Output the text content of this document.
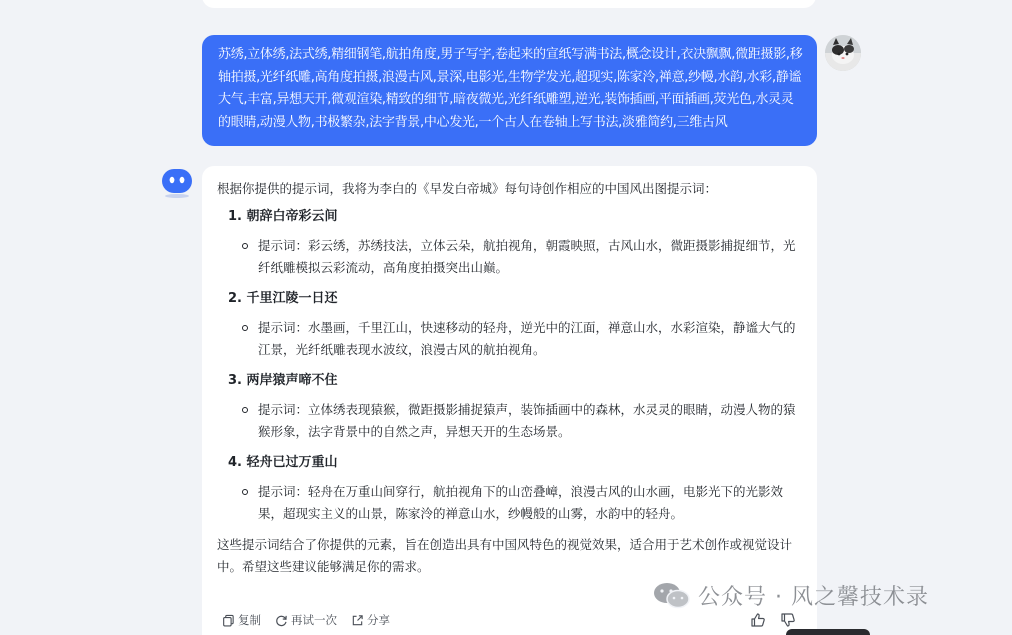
苏绣,立体绣,法式绣,精细钢笔,航拍角度,男子写字,卷起来的宣纸写满书法,概念设计,衣决飘飘,微距摄影,移轴拍摄,光纤纸雕,高角度拍摄,浪漫古风,景深,电影光,生物学发光,超现实,陈家泠,禅意,纱幔,水韵,水彩,静谧大气,丰富,异想天开,微观渲染,精致的细节,暗夜微光,光纤纸雕塑,逆光,装饰插画,平面插画,荧光色,水灵灵的眼睛,动漫人物,书极繁杂,法字背景,中心发光,一个古人在卷轴上写书法,淡雅简约,三维古风
根据你提供的提示词，我将为李白的《早发白帝城》每句诗创作相应的中国风出图提示词：
1. 朝辞白帝彩云间
提示词：彩云绣，苏绣技法，立体云朵，航拍视角，朝霞映照，古风山水，微距摄影捕捉细节，光纤纸雕模拟云彩流动，高角度拍摄突出山巅。
2. 千里江陵一日还
提示词：水墨画，千里江山，快速移动的轻舟，逆光中的江面，禅意山水，水彩渲染，静谧大气的江景，光纤纸雕表现水波纹，浪漫古风的航拍视角。
3. 两岸猿声啼不住
提示词：立体绣表现猿猴，微距摄影捕捉猿声，装饰插画中的森林，水灵灵的眼睛，动漫人物的猿猴形象，法字背景中的自然之声，异想天开的生态场景。
4. 轻舟已过万重山
提示词：轻舟在万重山间穿行，航拍视角下的山峦叠嶂，浪漫古风的山水画，电影光下的光影效果，超现实主义的山景，陈家泠的禅意山水，纱幔般的山雾，水韵中的轻舟。
这些提示词结合了你提供的元素，旨在创造出具有中国风特色的视觉效果，适合用于艺术创作或视觉设计中。希望这些建议能够满足你的需求。
复制	再试一次	分享
公众号 · 风之馨技术录
